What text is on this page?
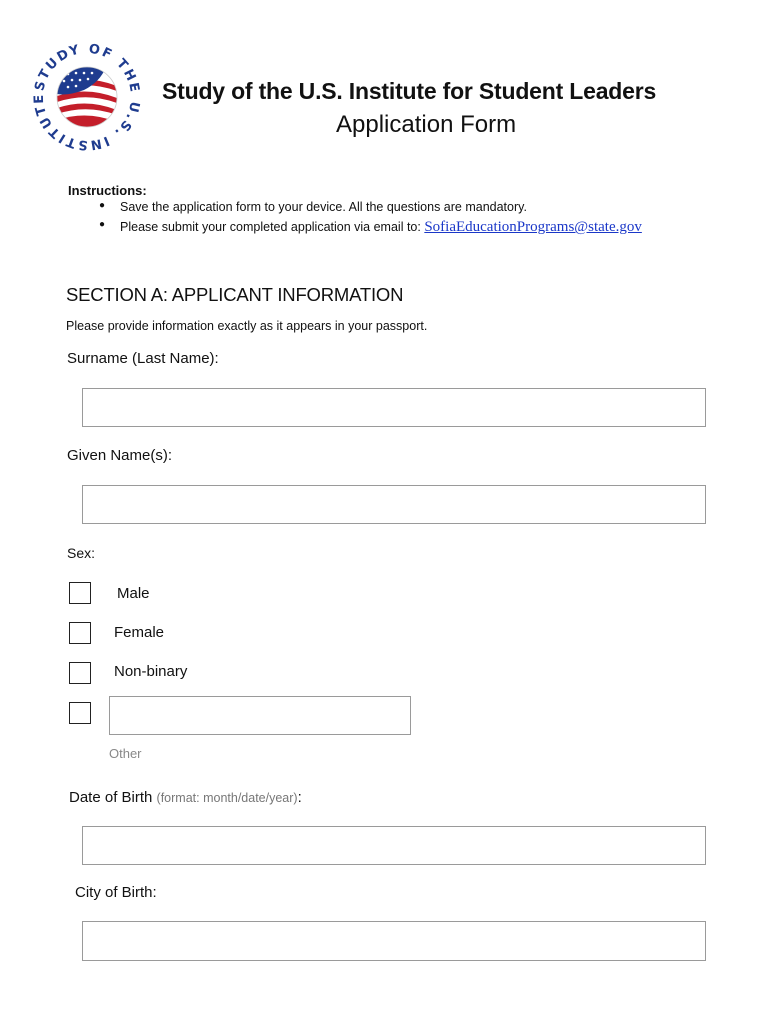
STUDY OF THE U.S. INSTITUTE	Study of the U.S. Institute for Student Leaders
Application Form
Instructions:
● Save the application form to your device. All the questions are mandatory.
● Please submit your completed application via email to: SofiaEducationPrograms@state.gov
SECTION A: APPLICANT INFORMATION
Please provide information exactly as it appears in your passport.
Surname (Last Name):
Given Name(s):
Sex:
Male
Female
Non-binary
Other
Date of Birth (format: month/date/year):
City of Birth:
